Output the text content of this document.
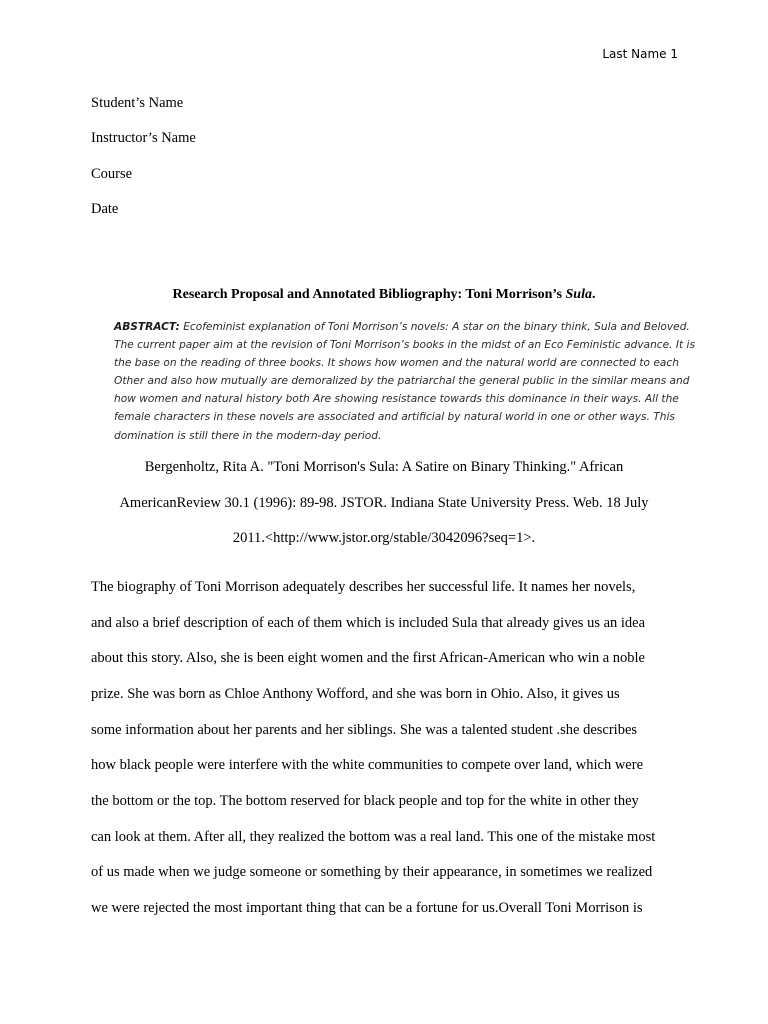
Last Name 1
Student’s Name
Instructor’s Name
Course
Date
Research Proposal and Annotated Bibliography: Toni Morrison’s Sula.
ABSTRACT: Ecofeminist explanation of Toni Morrison’s novels: A star on the binary think, Sula and Beloved.
The current paper aim at the revision of Toni Morrison’s books in the midst of an Eco Feministic advance. It is
the base on the reading of three books. It shows how women and the natural world are connected to each
Other and also how mutually are demoralized by the patriarchal the general public in the similar means and
how women and natural history both Are showing resistance towards this dominance in their ways. All the
female characters in these novels are associated and artificial by natural world in one or other ways. This
domination is still there in the modern-day period.
Bergenholtz, Rita A. "Toni Morrison's Sula: A Satire on Binary Thinking." African
AmericanReview 30.1 (1996): 89-98. JSTOR. Indiana State University Press. Web. 18 July
2011.<http://www.jstor.org/stable/3042096?seq=1>.
The biography of Toni Morrison adequately describes her successful life. It names her novels,
and also a brief description of each of them which is included Sula that already gives us an idea
about this story. Also, she is been eight women and the first African-American who win a noble
prize. She was born as Chloe Anthony Wofford, and she was born in Ohio. Also, it gives us
some information about her parents and her siblings. She was a talented student .she describes
how black people were interfere with the white communities to compete over land, which were
the bottom or the top. The bottom reserved for black people and top for the white in other they
can look at them. After all, they realized the bottom was a real land. This one of the mistake most
of us made when we judge someone or something by their appearance, in sometimes we realized
we were rejected the most important thing that can be a fortune for us.Overall Toni Morrison is
